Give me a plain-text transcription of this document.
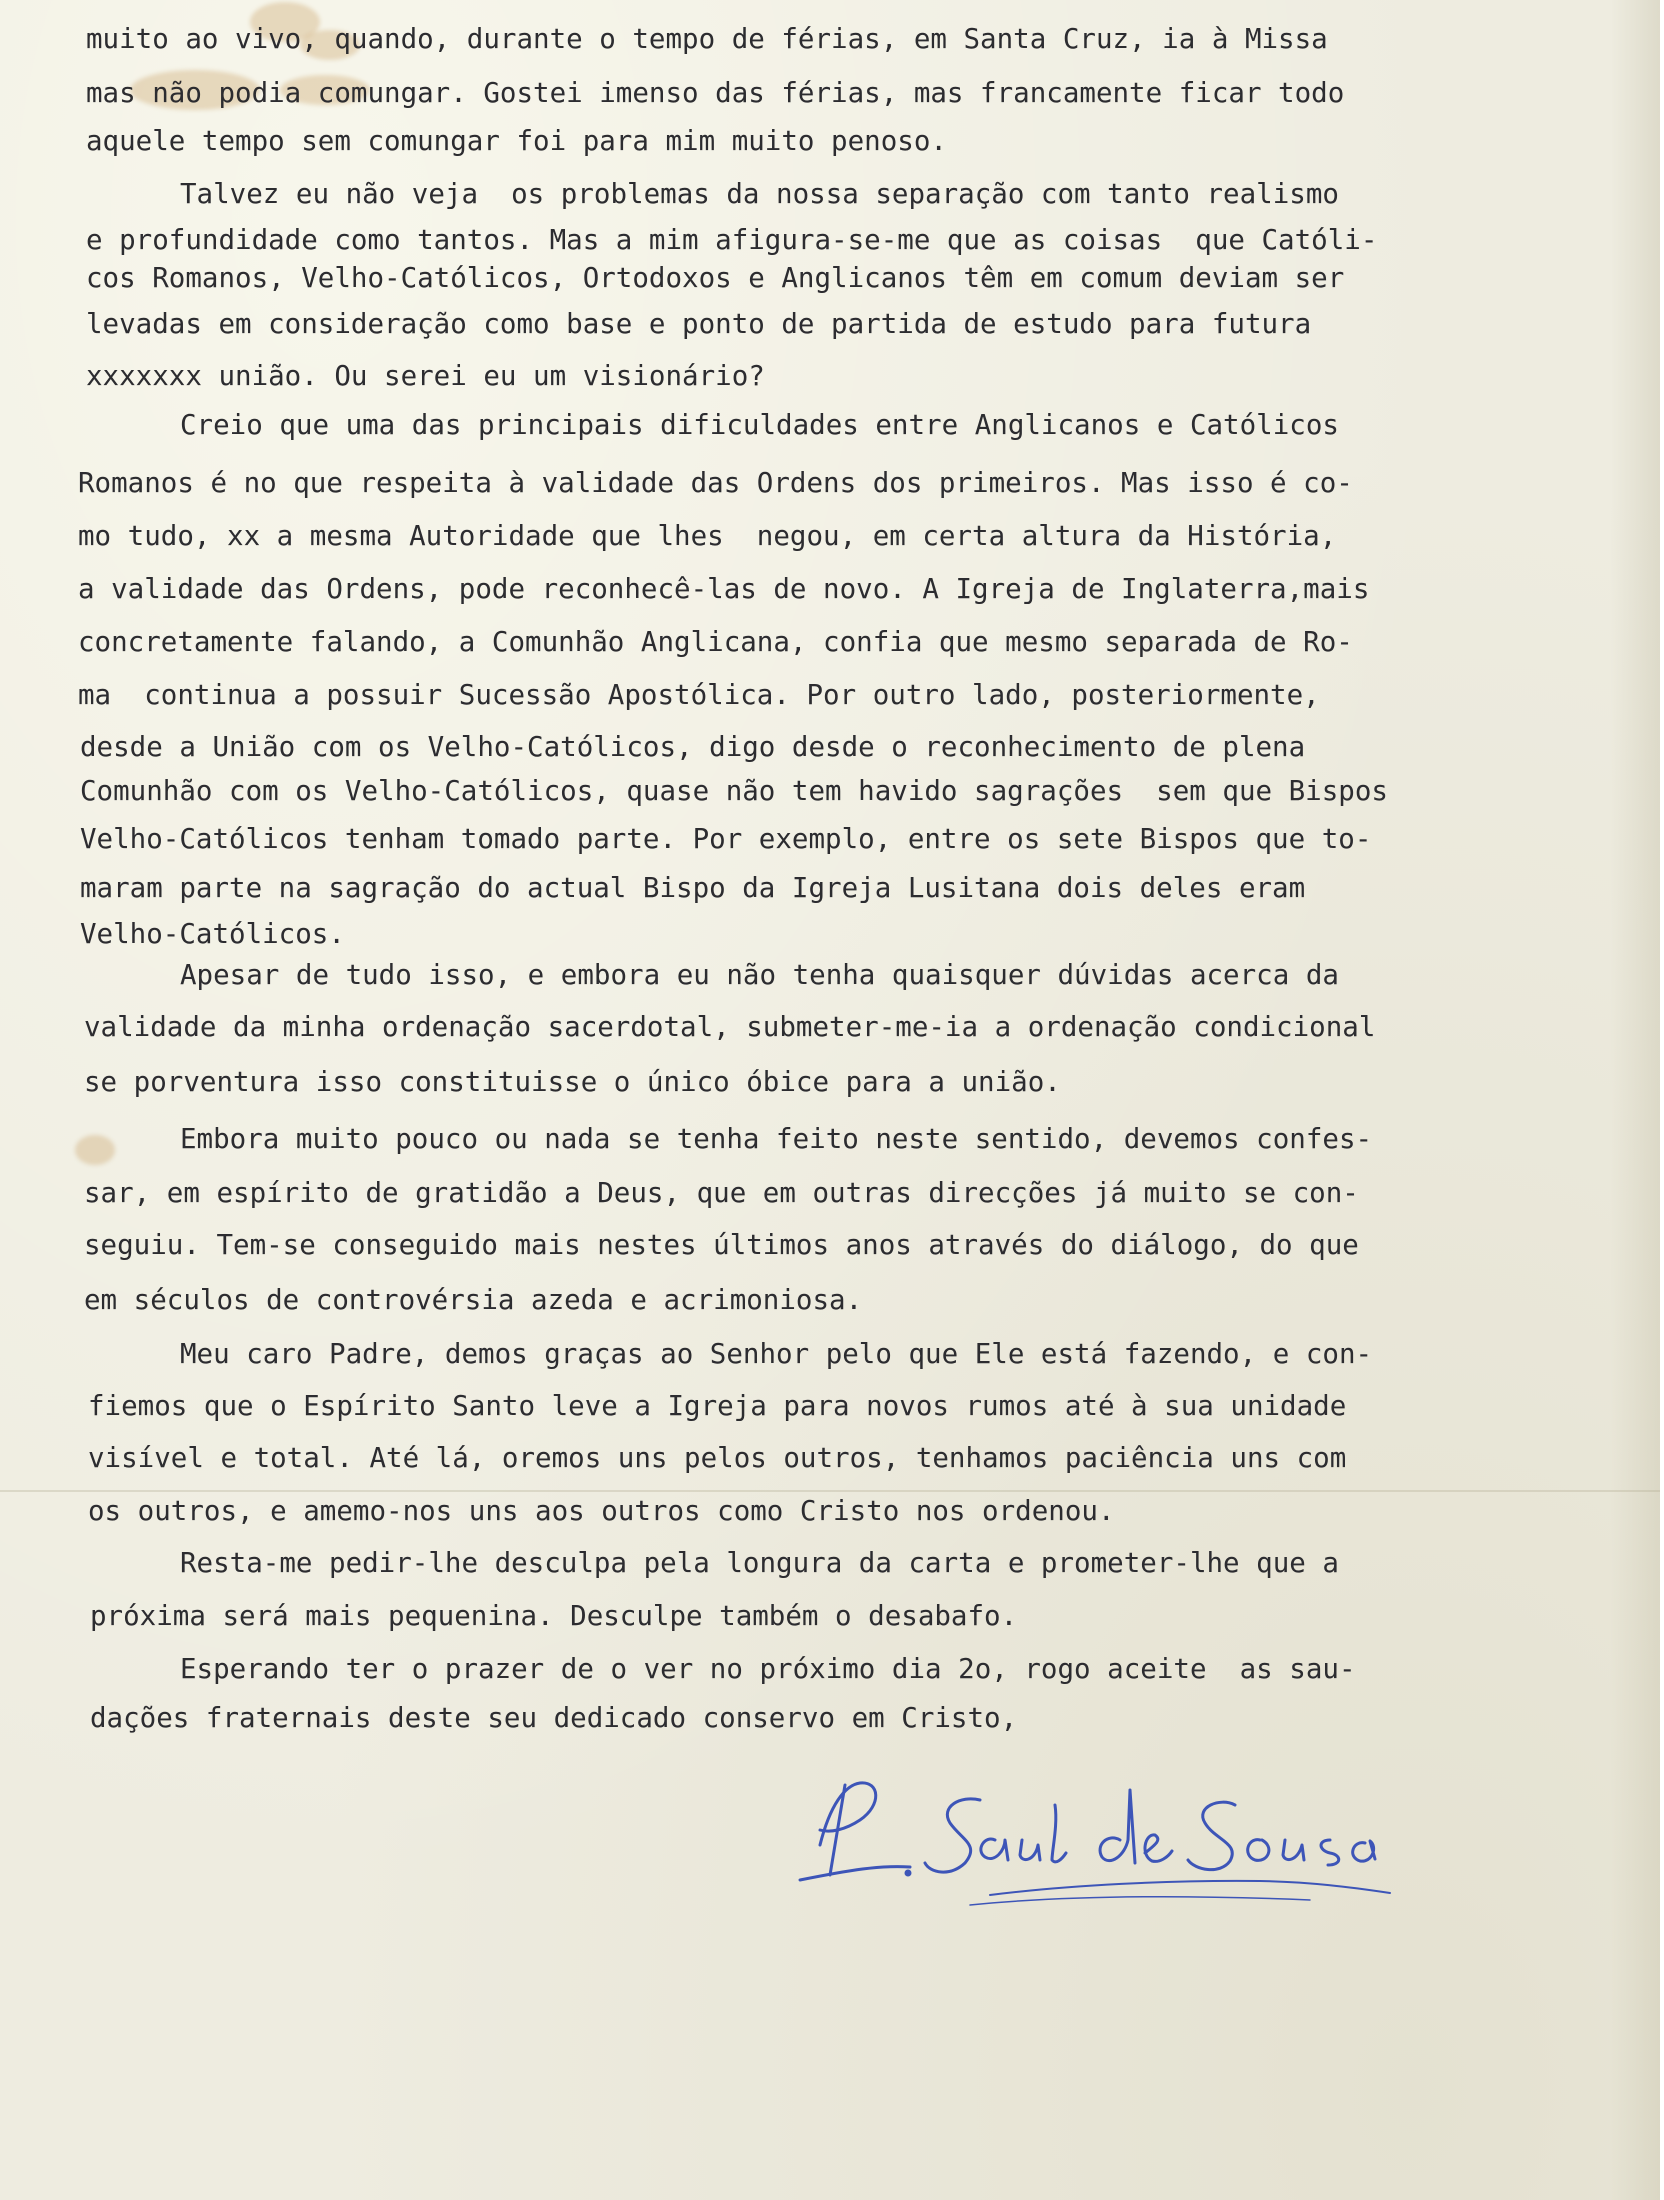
muito ao vivo, quando, durante o tempo de férias, em Santa Cruz, ia à Missa

mas não podia comungar. Gostei imenso das férias, mas francamente ficar todo

aquele tempo sem comungar foi para mim muito penoso.

Talvez eu não veja  os problemas da nossa separação com tanto realismo

e profundidade como tantos. Mas a mim afigura-se-me que as coisas  que Católi-

cos Romanos, Velho-Católicos, Ortodoxos e Anglicanos têm em comum deviam ser

levadas em consideração como base e ponto de partida de estudo para futura

xxxxxxx união. Ou serei eu um visionário?

Creio que uma das principais dificuldades entre Anglicanos e Católicos

Romanos é no que respeita à validade das Ordens dos primeiros. Mas isso é co-

mo tudo, xx a mesma Autoridade que lhes  negou, em certa altura da História,

a validade das Ordens, pode reconhecê-las de novo. A Igreja de Inglaterra,mais

concretamente falando, a Comunhão Anglicana, confia que mesmo separada de Ro-

ma  continua a possuir Sucessão Apostólica. Por outro lado, posteriormente,

desde a União com os Velho-Católicos, digo desde o reconhecimento de plena

Comunhão com os Velho-Católicos, quase não tem havido sagrações  sem que Bispos

Velho-Católicos tenham tomado parte. Por exemplo, entre os sete Bispos que to-

maram parte na sagração do actual Bispo da Igreja Lusitana dois deles eram

Velho-Católicos.

Apesar de tudo isso, e embora eu não tenha quaisquer dúvidas acerca da

validade da minha ordenação sacerdotal, submeter-me-ia a ordenação condicional

se porventura isso constituisse o único óbice para a união.

Embora muito pouco ou nada se tenha feito neste sentido, devemos confes-

sar, em espírito de gratidão a Deus, que em outras direcções já muito se con-

seguiu. Tem-se conseguido mais nestes últimos anos através do diálogo, do que

em séculos de controvérsia azeda e acrimoniosa.

Meu caro Padre, demos graças ao Senhor pelo que Ele está fazendo, e con-

fiemos que o Espírito Santo leve a Igreja para novos rumos até à sua unidade

visível e total. Até lá, oremos uns pelos outros, tenhamos paciência uns com

os outros, e amemo-nos uns aos outros como Cristo nos ordenou.

Resta-me pedir-lhe desculpa pela longura da carta e prometer-lhe que a

próxima será mais pequenina. Desculpe também o desabafo.

Esperando ter o prazer de o ver no próximo dia 2o, rogo aceite  as sau-

dações fraternais deste seu dedicado conservo em Cristo,
